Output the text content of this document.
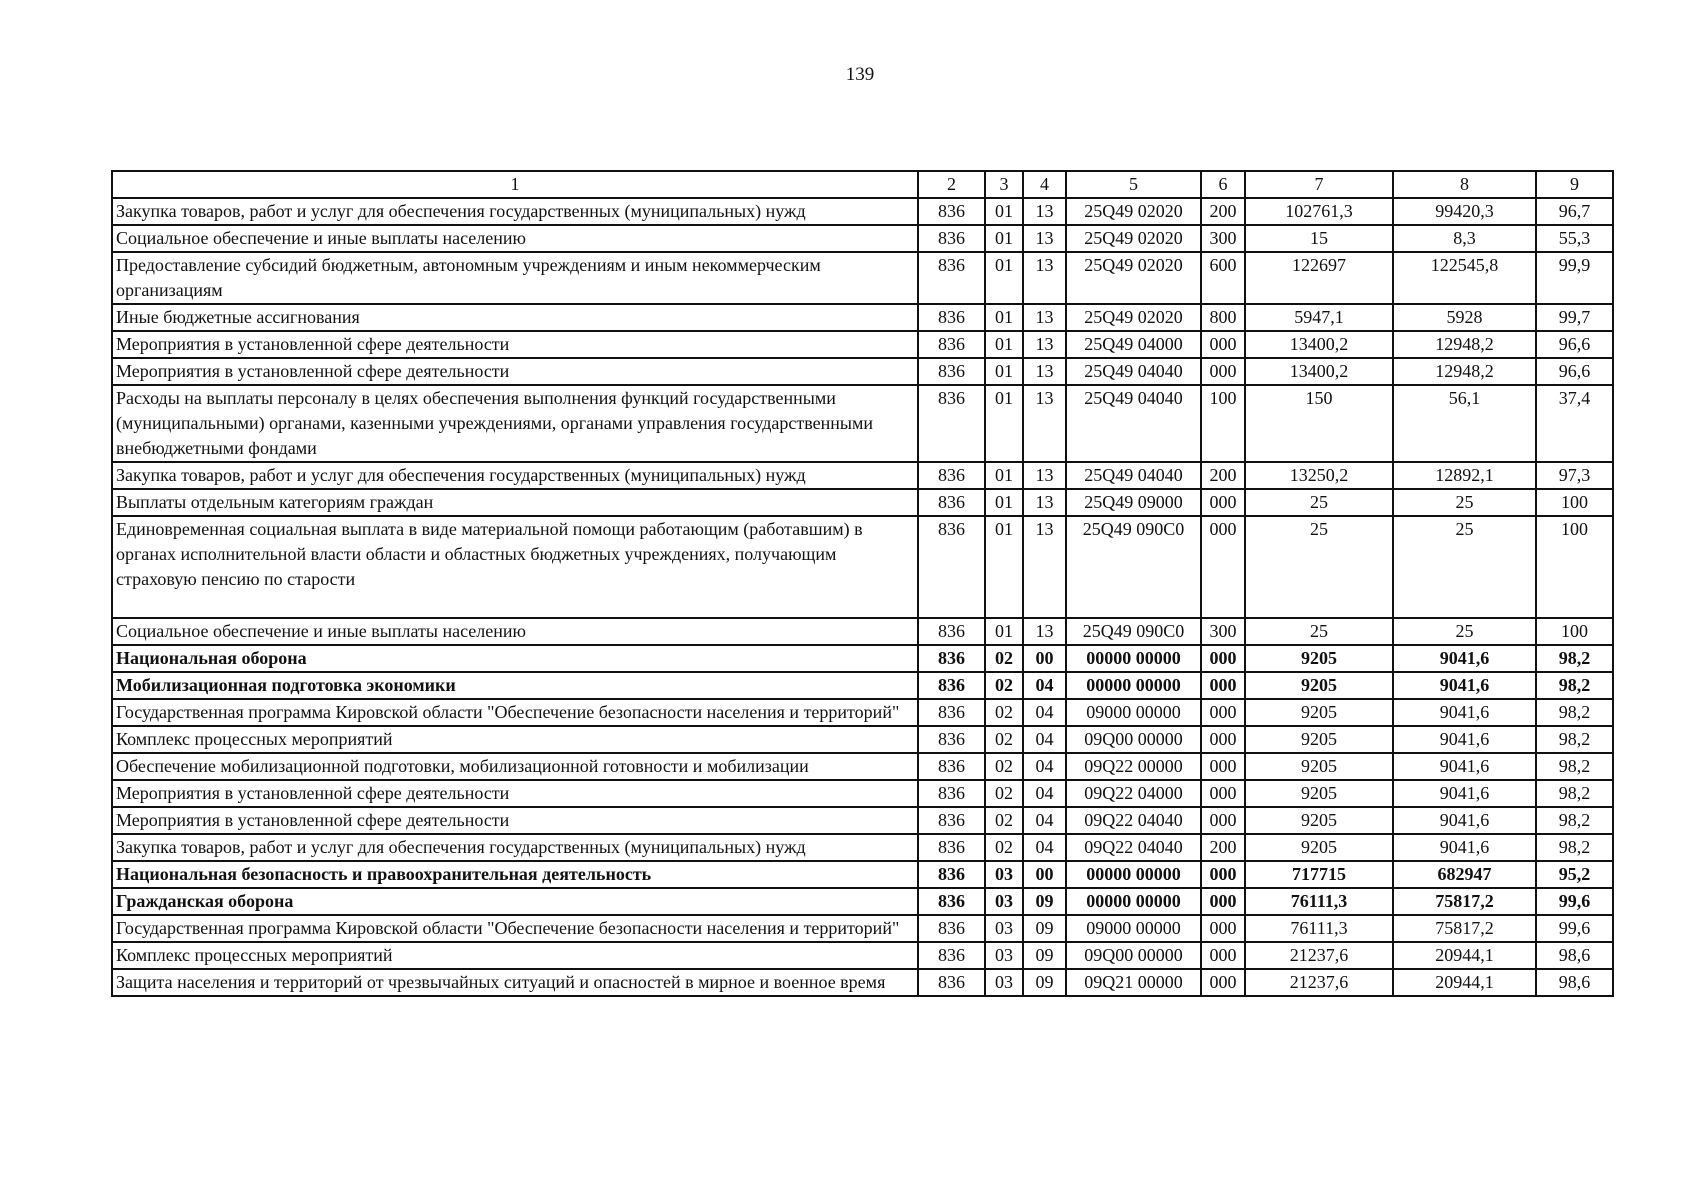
139
1	2	3	4	5	6	7	8	9
Закупка товаров, работ и услуг для обеспечения государственных (муниципальных) нужд	836	01	13	25Q49 02020	200	102761,3	99420,3	96,7
Социальное обеспечение и иные выплаты населению	836	01	13	25Q49 02020	300	15	8,3	55,3
Предоставление субсидий бюджетным, автономным учреждениям и иным некоммерческим организациям	836	01	13	25Q49 02020	600	122697	122545,8	99,9
Иные бюджетные ассигнования	836	01	13	25Q49 02020	800	5947,1	5928	99,7
Мероприятия в установленной сфере деятельности	836	01	13	25Q49 04000	000	13400,2	12948,2	96,6
Мероприятия в установленной сфере деятельности	836	01	13	25Q49 04040	000	13400,2	12948,2	96,6
Расходы на выплаты персоналу в целях обеспечения выполнения функций государственными (муниципальными) органами, казенными учреждениями, органами управления государственными внебюджетными фондами	836	01	13	25Q49 04040	100	150	56,1	37,4
Закупка товаров, работ и услуг для обеспечения государственных (муниципальных) нужд	836	01	13	25Q49 04040	200	13250,2	12892,1	97,3
Выплаты отдельным категориям граждан	836	01	13	25Q49 09000	000	25	25	100
Единовременная социальная выплата в виде материальной помощи работающим (работавшим) в органах исполнительной власти области и областных бюджетных учреждениях, получающим страховую пенсию по старости	836	01	13	25Q49 090C0	000	25	25	100
Социальное обеспечение и иные выплаты населению	836	01	13	25Q49 090C0	300	25	25	100
Национальная оборона	836	02	00	00000 00000	000	9205	9041,6	98,2
Мобилизационная подготовка экономики	836	02	04	00000 00000	000	9205	9041,6	98,2
Государственная программа Кировской области "Обеспечение безопасности населения и территорий"	836	02	04	09000 00000	000	9205	9041,6	98,2
Комплекс процессных мероприятий	836	02	04	09Q00 00000	000	9205	9041,6	98,2
Обеспечение мобилизационной подготовки, мобилизационной готовности и мобилизации	836	02	04	09Q22 00000	000	9205	9041,6	98,2
Мероприятия в установленной сфере деятельности	836	02	04	09Q22 04000	000	9205	9041,6	98,2
Мероприятия в установленной сфере деятельности	836	02	04	09Q22 04040	000	9205	9041,6	98,2
Закупка товаров, работ и услуг для обеспечения государственных (муниципальных) нужд	836	02	04	09Q22 04040	200	9205	9041,6	98,2
Национальная безопасность и правоохранительная деятельность	836	03	00	00000 00000	000	717715	682947	95,2
Гражданская оборона	836	03	09	00000 00000	000	76111,3	75817,2	99,6
Государственная программа Кировской области "Обеспечение безопасности населения и территорий"	836	03	09	09000 00000	000	76111,3	75817,2	99,6
Комплекс процессных мероприятий	836	03	09	09Q00 00000	000	21237,6	20944,1	98,6
Защита населения и территорий от чрезвычайных ситуаций и опасностей в мирное и военное время	836	03	09	09Q21 00000	000	21237,6	20944,1	98,6
